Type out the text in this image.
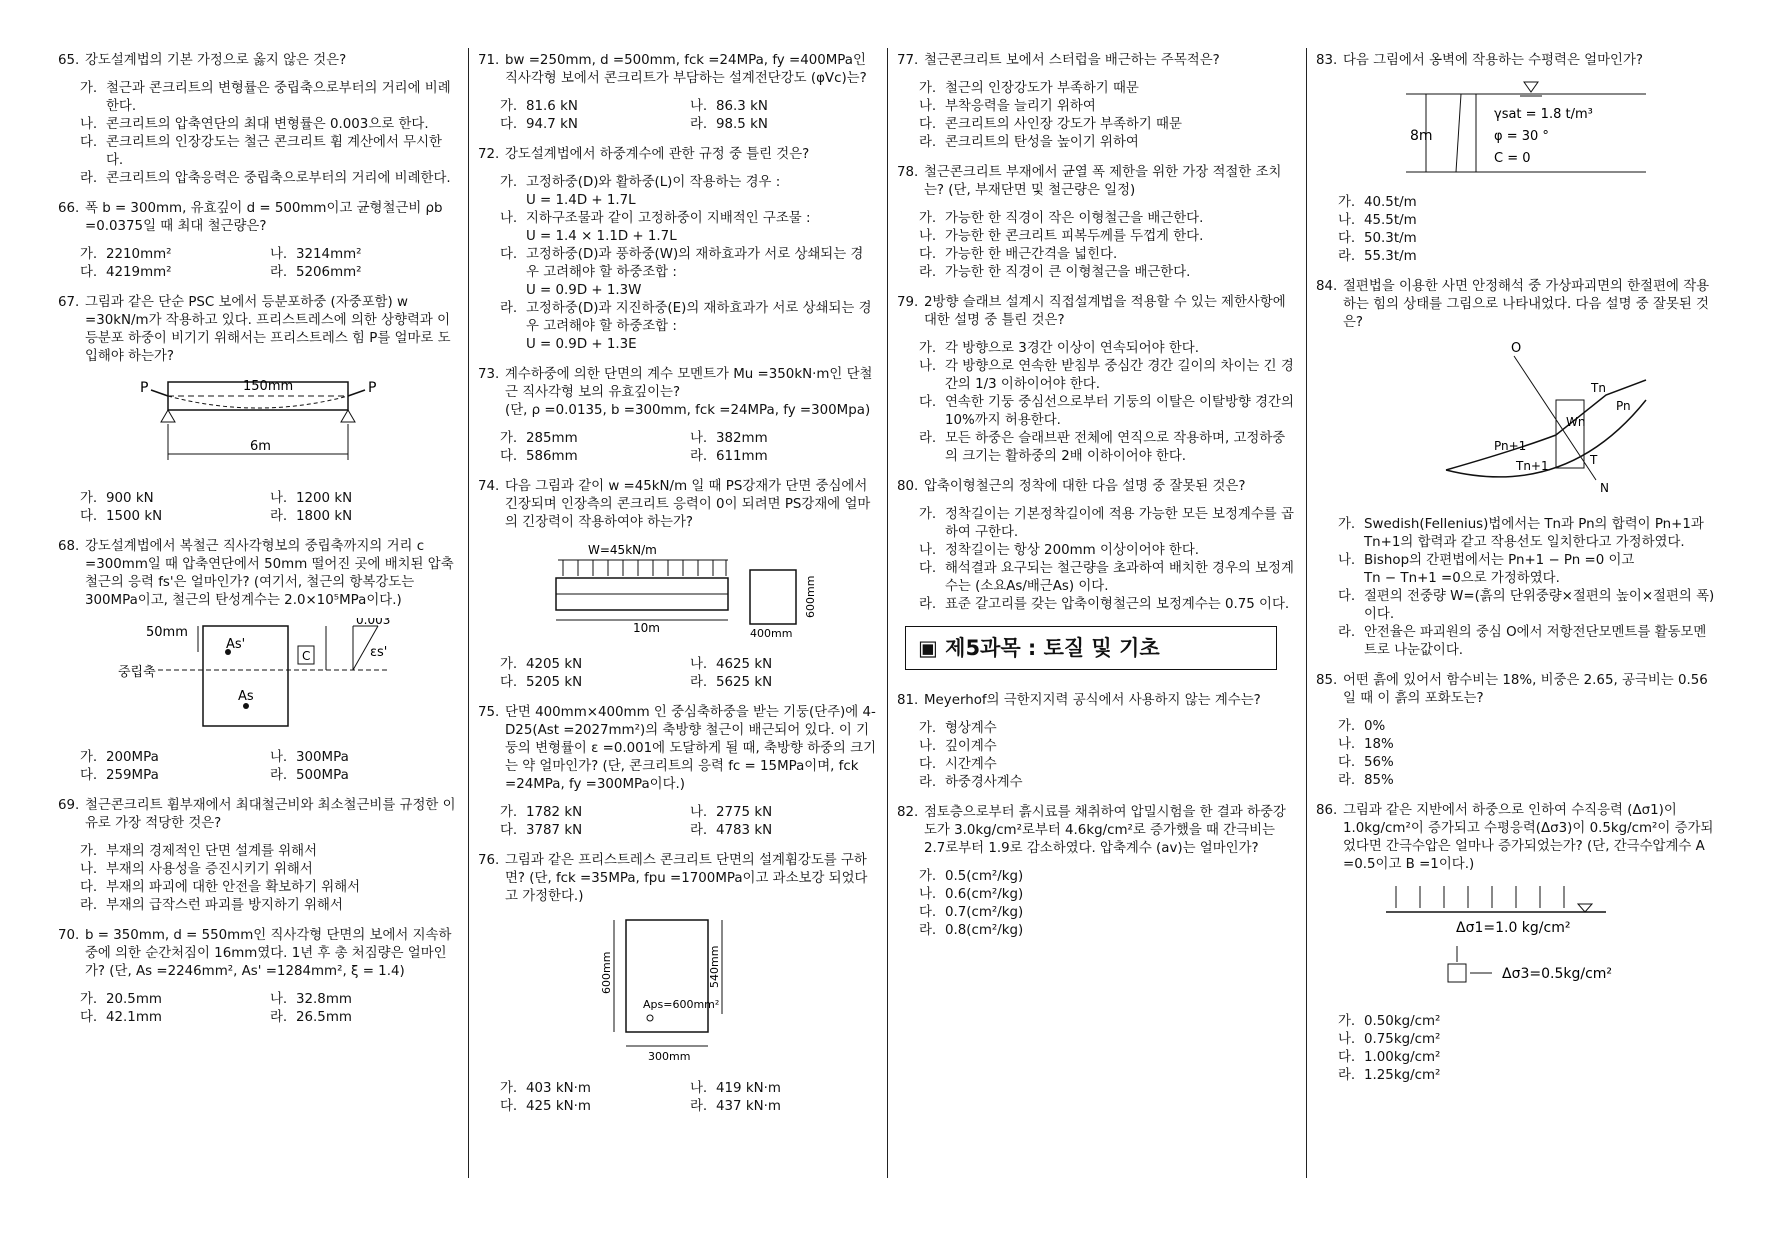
65. 강도설계법의 기본 가정으로 옳지 않은 것은?
가. 철근과 콘크리트의 변형률은 중립축으로부터의 거리에 비례한다.
나. 콘크리트의 압축연단의 최대 변형률은 0.003으로 한다.
다. 콘크리트의 인장강도는 철근 콘크리트 휨 계산에서 무시한다.
라. 콘크리트의 압축응력은 중립축으로부터의 거리에 비례한다.
66. 폭 b = 300mm, 유효깊이 d = 500mm이고 균형철근비 ρb =0.0375일 때 최대 철근량은?
가. 2210mm²	나. 3214mm²
다. 4219mm²	라. 5206mm²
67. 그림과 같은 단순 PSC 보에서 등분포하중 (자중포함) w =30kN/m가 작용하고 있다. 프리스트레스에 의한 상향력과 이 등분포 하중이 비기기 위해서는 프리스트레스 힘 P를 얼마로 도입해야 하는가?
P	P
150mm
6m
가. 900 kN	나. 1200 kN
다. 1500 kN	라. 1800 kN
68. 강도설계법에서 복철근 직사각형보의 중립축까지의 거리 c =300mm일 때 압축연단에서 50mm 떨어진 곳에 배치된 압축 철근의 응력 fs'은 얼마인가? (여기서, 철근의 항복강도는 300MPa이고, 철근의 탄성계수는 2.0×10⁵MPa이다.)
As'
As
50mm
중립축
C
0.003
εs'
가. 200MPa	나. 300MPa
다. 259MPa	라. 500MPa
69. 철근콘크리트 휨부재에서 최대철근비와 최소철근비를 규정한 이유로 가장 적당한 것은?
가. 부재의 경제적인 단면 설계를 위해서
나. 부재의 사용성을 증진시키기 위해서
다. 부재의 파괴에 대한 안전을 확보하기 위해서
라. 부재의 급작스런 파괴를 방지하기 위해서
70. b = 350mm, d = 550mm인 직사각형 단면의 보에서 지속하중에 의한 순간처짐이 16mm였다. 1년 후 총 처짐량은 얼마인가? (단, As =2246mm², As' =1284mm², ξ = 1.4)
가. 20.5mm	나. 32.8mm
다. 42.1mm	라. 26.5mm
71. bw =250mm, d =500mm, fck =24MPa, fy =400MPa인 직사각형 보에서 콘크리트가 부담하는 설계전단강도 (φVc)는?
가. 81.6 kN	나. 86.3 kN
다. 94.7 kN	라. 98.5 kN
72. 강도설계법에서 하중계수에 관한 규정 중 틀린 것은?
가. 고정하중(D)와 활하중(L)이 작용하는 경우 :
U = 1.4D + 1.7L
나. 지하구조물과 같이 고정하중이 지배적인 구조물 :
U = 1.4 × 1.1D + 1.7L
다. 고정하중(D)과 풍하중(W)의 재하효과가 서로 상쇄되는 경우 고려해야 할 하중조합 :
U = 0.9D + 1.3W
라. 고정하중(D)과 지진하중(E)의 재하효과가 서로 상쇄되는 경우 고려해야 할 하중조합 :
U = 0.9D + 1.3E
73. 계수하중에 의한 단면의 계수 모멘트가 Mu =350kN·m인 단철근 직사각형 보의 유효깊이는?
(단, ρ =0.0135, b =300mm, fck =24MPa, fy =300Mpa)
가. 285mm	나. 382mm
다. 586mm	라. 611mm
74. 다음 그림과 같이 w =45kN/m 일 때 PS강재가 단면 중심에서 긴장되며 인장측의 콘크리트 응력이 0이 되려면 PS강재에 얼마의 긴장력이 작용하여야 하는가?
W=45kN/m
10m	400mm
600mm
가. 4205 kN	나. 4625 kN
다. 5205 kN	라. 5625 kN
75. 단면 400mm×400mm 인 중심축하중을 받는 기둥(단주)에 4-D25(Ast =2027mm²)의 축방향 철근이 배근되어 있다. 이 기둥의 변형률이 ε =0.001에 도달하게 될 때, 축방향 하중의 크기는 약 얼마인가? (단, 콘크리트의 응력 fc = 15MPa이며, fck =24MPa, fy =300MPa이다.)
가. 1782 kN	나. 2775 kN
다. 3787 kN	라. 4783 kN
76. 그림과 같은 프리스트레스 콘크리트 단면의 설계휨강도를 구하면? (단, fck =35MPa, fpu =1700MPa이고 과소보강 되었다고 가정한다.)
600mm	540mm
Aps=600mm²
300mm
가. 403 kN·m	나. 419 kN·m
다. 425 kN·m	라. 437 kN·m
77. 철근콘크리트 보에서 스터럽을 배근하는 주목적은?
가. 철근의 인장강도가 부족하기 때문
나. 부착응력을 늘리기 위하여
다. 콘크리트의 사인장 강도가 부족하기 때문
라. 콘크리트의 탄성을 높이기 위하여
78. 철근콘크리트 부재에서 균열 폭 제한을 위한 가장 적절한 조치는? (단, 부재단면 및 철근량은 일정)
가. 가능한 한 직경이 작은 이형철근을 배근한다.
나. 가능한 한 콘크리트 피복두께를 두껍게 한다.
다. 가능한 한 배근간격을 넓힌다.
라. 가능한 한 직경이 큰 이형철근을 배근한다.
79. 2방향 슬래브 설계시 직접설계법을 적용할 수 있는 제한사항에 대한 설명 중 틀린 것은?
가. 각 방향으로 3경간 이상이 연속되어야 한다.
나. 각 방향으로 연속한 받침부 중심간 경간 길이의 차이는 긴 경간의 1/3 이하이어야 한다.
다. 연속한 기둥 중심선으로부터 기둥의 이탈은 이탈방향 경간의 10%까지 허용한다.
라. 모든 하중은 슬래브판 전체에 연직으로 작용하며, 고정하중의 크기는 활하중의 2배 이하이어야 한다.
80. 압축이형철근의 정착에 대한 다음 설명 중 잘못된 것은?
가. 정착길이는 기본정착길이에 적용 가능한 모든 보정계수를 곱하여 구한다.
나. 정착길이는 항상 200mm 이상이어야 한다.
다. 해석결과 요구되는 철근량을 초과하여 배치한 경우의 보정계수는 (소요As/배근As) 이다.
라. 표준 갈고리를 갖는 압축이형철근의 보정계수는 0.75 이다.
▣ 제5과목 : 토질 및 기초
81. Meyerhof의 극한지지력 공식에서 사용하지 않는 계수는?
가. 형상계수
나. 깊이계수
다. 시간계수
라. 하중경사계수
82. 점토층으로부터 흙시료를 채취하여 압밀시험을 한 결과 하중강도가 3.0kg/cm²로부터 4.6kg/cm²로 증가했을 때 간극비는 2.7로부터 1.9로 감소하였다. 압축계수 (av)는 얼마인가?
가. 0.5(cm²/kg)
나. 0.6(cm²/kg)
다. 0.7(cm²/kg)
라. 0.8(cm²/kg)
83. 다음 그림에서 옹벽에 작용하는 수평력은 얼마인가?
8m
γsat = 1.8 t/m³
φ = 30 °
C = 0
가. 40.5t/m
나. 45.5t/m
다. 50.3t/m
라. 55.3t/m
84. 절편법을 이용한 사면 안정해석 중 가상파괴면의 한절편에 작용하는 힘의 상태를 그림으로 나타내었다. 다음 설명 중 잘못된 것은?
O
Wn
Tn
Pn
Pn+1
Tn+1	T
N
가. Swedish(Fellenius)법에서는 Tn과 Pn의 합력이 Pn+1과 Tn+1의 합력과 같고 작용선도 일치한다고 가정하였다.
나. Bishop의 간편법에서는 Pn+1 − Pn =0 이고
Tn − Tn+1 =0으로 가정하였다.
다. 절편의 전중량 W=(흙의 단위중량×절편의 높이×절편의 폭)이다.
라. 안전율은 파괴원의 중심 O에서 저항전단모멘트를 활동모멘트로 나눈값이다.
85. 어떤 흙에 있어서 함수비는 18%, 비중은 2.65, 공극비는 0.56일 때 이 흙의 포화도는?
가. 0%
나. 18%
다. 56%
라. 85%
86. 그림과 같은 지반에서 하중으로 인하여 수직응력 (Δσ1)이 1.0kg/cm²이 증가되고 수평응력(Δσ3)이 0.5kg/cm²이 증가되었다면 간극수압은 얼마나 증가되었는가? (단, 간극수압계수 A =0.5이고 B =1이다.)
Δσ1=1.0 kg/cm²
Δσ3=0.5kg/cm²
가. 0.50kg/cm²
나. 0.75kg/cm²
다. 1.00kg/cm²
라. 1.25kg/cm²
